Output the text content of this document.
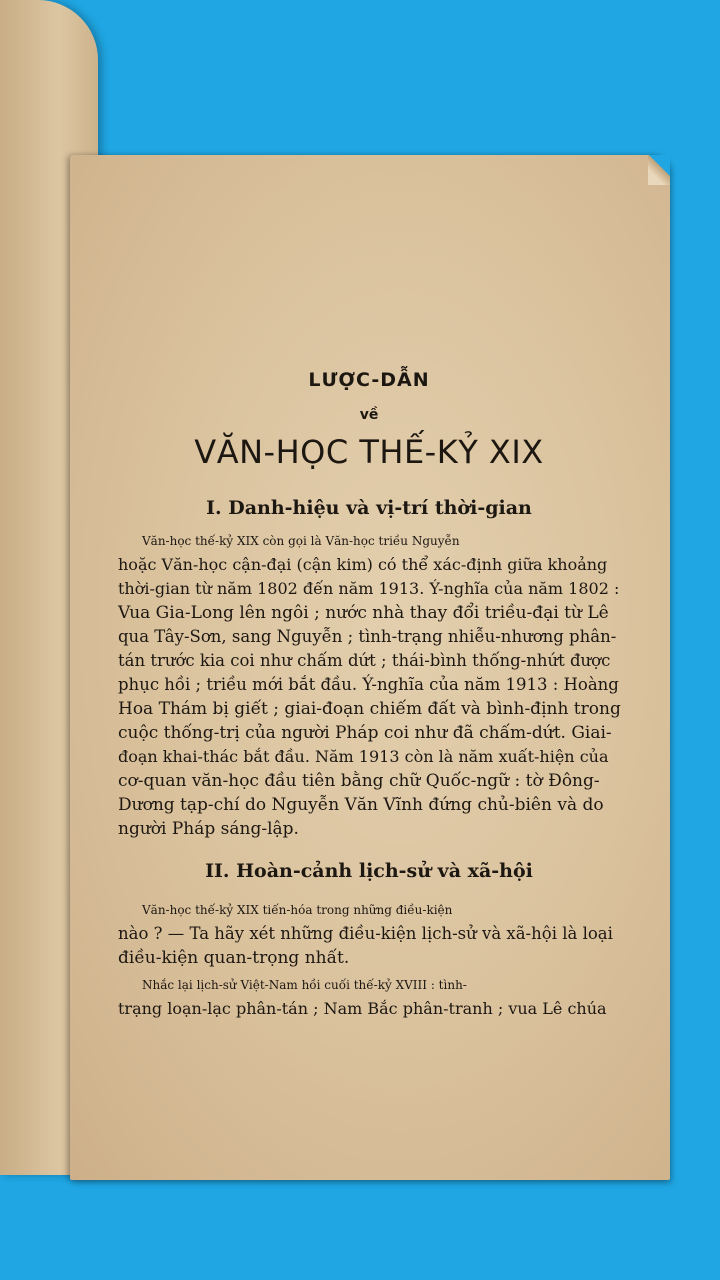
LƯỢC-DẪN
về
VĂN-HỌC THẾ-KỶ XIX
I. Danh-hiệu và vị-trí thời-gian
Văn-học thế-kỷ XIX còn gọi là Văn-học triều Nguyễn
hoặc Văn-học cận-đại (cận kim) có thể xác-định giữa khoảng
thời-gian từ năm 1802 đến năm 1913. Ý-nghĩa của năm 1802 :
Vua Gia-Long lên ngôi ; nước nhà thay đổi triều-đại từ Lê
qua Tây-Sơn, sang Nguyễn ; tình-trạng nhiễu-nhương phân-
tán trước kia coi như chấm dứt ; thái-bình thống-nhứt được
phục hồi ; triều mới bắt đầu. Ý-nghĩa của năm 1913 : Hoàng
Hoa Thám bị giết ; giai-đoạn chiếm đất và bình-định trong
cuộc thống-trị của người Pháp coi như đã chấm-dứt. Giai-
đoạn khai-thác bắt đầu. Năm 1913 còn là năm xuất-hiện của
cơ-quan văn-học đầu tiên bằng chữ Quốc-ngữ : tờ Đông-
Dương tạp-chí do Nguyễn Văn Vĩnh đứng chủ-biên và do
người Pháp sáng-lập.
II. Hoàn-cảnh lịch-sử và xã-hội
Văn-học thế-kỷ XIX tiến-hóa trong những điều-kiện
nào ? — Ta hãy xét những điều-kiện lịch-sử và xã-hội là loại
điều-kiện quan-trọng nhất.
Nhắc lại lịch-sử Việt-Nam hồi cuối thế-kỷ XVIII : tình-
trạng loạn-lạc phân-tán ; Nam Bắc phân-tranh ; vua Lê chúa
